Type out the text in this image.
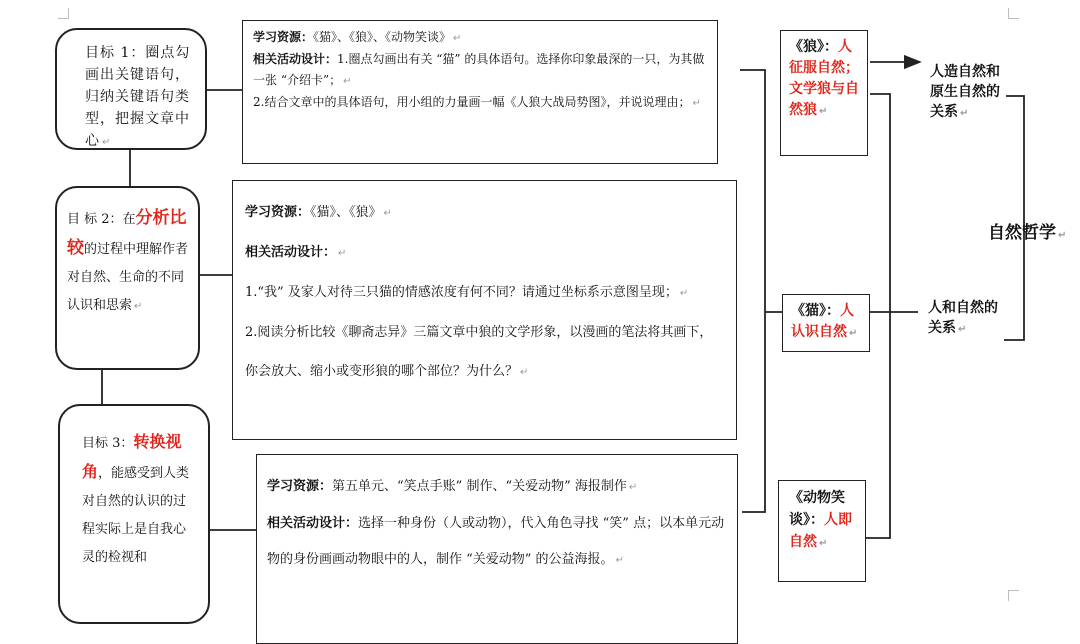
目标 1：圈点勾画出关键语句，归纳关键语句类型，把握文章中心 ↵
目 标 2：在分析比较的过程中理解作者对自然、生命的不同认识和思索 ↵
目标 3：转换视角，能感受到人类对自然的认识的过程实际上是自我心灵的检视和
学习资源：《猫》、《狼》、《动物笑谈》 ↵
相关活动设计：1.圈点勾画出有关 “猫” 的具体语句。选择你印象最深的一只，为其做一张 “介绍卡”； ↵
2.结合文章中的具体语句，用小组的力量画一幅《人狼大战局势图》，并说说理由； ↵
学习资源：《猫》、《狼》 ↵
相关活动设计： ↵
1.“我” 及家人对待三只猫的情感浓度有何不同？请通过坐标系示意图呈现； ↵
2.阅读分析比较《聊斋志异》三篇文章中狼的文学形象，以漫画的笔法将其画下，你会放大、缩小或变形狼的哪个部位？为什么？ ↵
学习资源：第五单元、“笑点手账” 制作、“关爱动物” 海报制作 ↵
相关活动设计：选择一种身份（人或动物），代入角色寻找 “笑” 点；以本单元动物的身份画画动物眼中的人，制作 “关爱动物” 的公益海报。 ↵
《狼》：人征服自然；文学狼与自然狼 ↵
《猫》：人认识自然 ↵
《动物笑谈》：人即自然 ↵
人造自然和原生自然的关系 ↵
人和自然的关系 ↵
自然哲学 ↵
